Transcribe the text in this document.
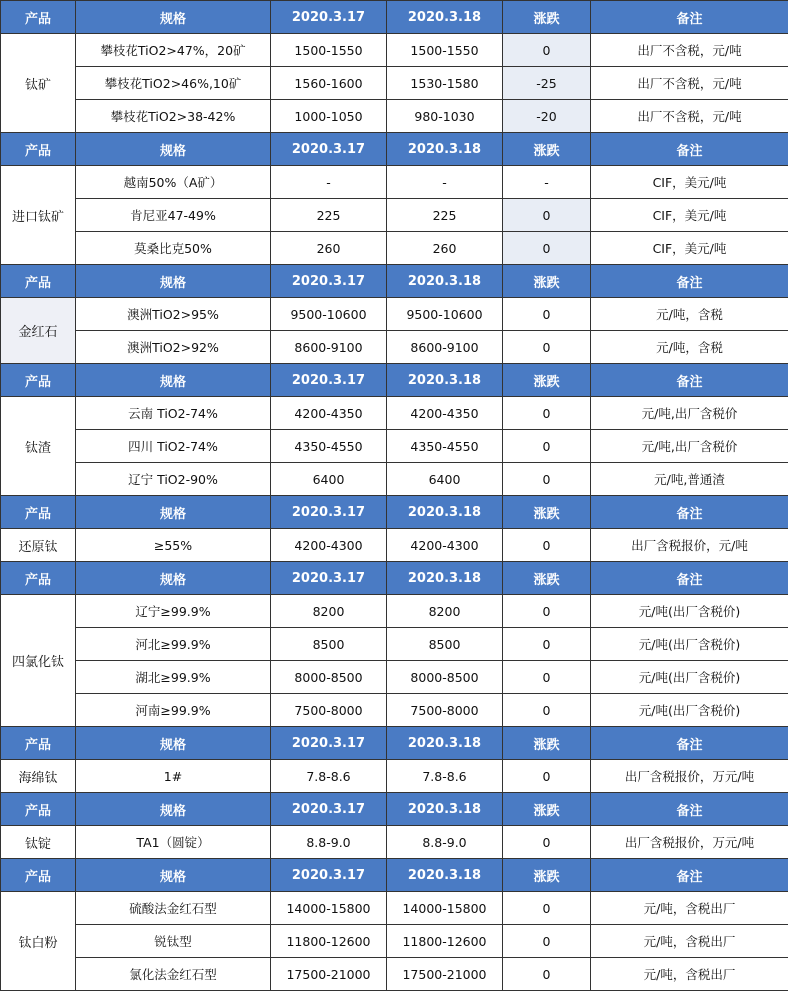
产品	规格	2020.3.17	2020.3.18	涨跌	备注
钛矿	攀枝花TiO2>47%，20矿	1500-1550	1500-1550	0	出厂不含税，元/吨
	攀枝花TiO2>46%,10矿	1560-1600	1530-1580	-25	出厂不含税，元/吨
	攀枝花TiO2>38-42%	1000-1050	980-1030	-20	出厂不含税，元/吨
产品	规格	2020.3.17	2020.3.18	涨跌	备注
进口钛矿	越南50%（A矿）	-	-	-	CIF，美元/吨
	肯尼亚47-49%	225	225	0	CIF，美元/吨
	莫桑比克50%	260	260	0	CIF，美元/吨
产品	规格	2020.3.17	2020.3.18	涨跌	备注
金红石	澳洲TiO2>95%	9500-10600	9500-10600	0	元/吨，含税
	澳洲TiO2>92%	8600-9100	8600-9100	0	元/吨，含税
产品	规格	2020.3.17	2020.3.18	涨跌	备注
钛渣	云南 TiO2-74%	4200-4350	4200-4350	0	元/吨,出厂含税价
	四川 TiO2-74%	4350-4550	4350-4550	0	元/吨,出厂含税价
	辽宁 TiO2-90%	6400	6400	0	元/吨,普通渣
产品	规格	2020.3.17	2020.3.18	涨跌	备注
还原钛	≥55%	4200-4300	4200-4300	0	出厂含税报价，元/吨
产品	规格	2020.3.17	2020.3.18	涨跌	备注
四氯化钛	辽宁≥99.9%	8200	8200	0	元/吨(出厂含税价)
	河北≥99.9%	8500	8500	0	元/吨(出厂含税价)
	湖北≥99.9%	8000-8500	8000-8500	0	元/吨(出厂含税价)
	河南≥99.9%	7500-8000	7500-8000	0	元/吨(出厂含税价)
产品	规格	2020.3.17	2020.3.18	涨跌	备注
海绵钛	1#	7.8-8.6	7.8-8.6	0	出厂含税报价，万元/吨
产品	规格	2020.3.17	2020.3.18	涨跌	备注
钛锭	TA1（圆锭）	8.8-9.0	8.8-9.0	0	出厂含税报价，万元/吨
产品	规格	2020.3.17	2020.3.18	涨跌	备注
钛白粉	硫酸法金红石型	14000-15800	14000-15800	0	元/吨，含税出厂
	锐钛型	11800-12600	11800-12600	0	元/吨，含税出厂
	氯化法金红石型	17500-21000	17500-21000	0	元/吨，含税出厂
